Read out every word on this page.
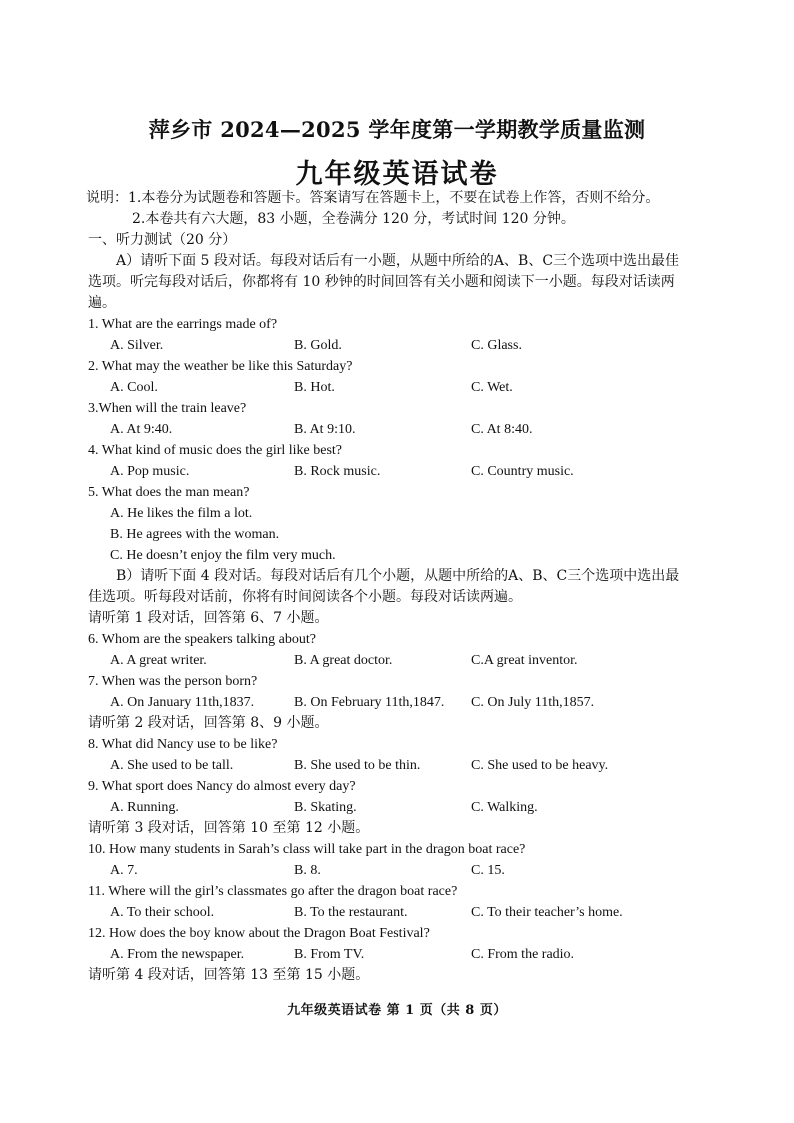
萍乡市 2024—2025 学年度第一学期教学质量监测
九年级英语试卷
说明：1.本卷分为试题卷和答题卡。答案请写在答题卡上，不要在试卷上作答，否则不给分。
2.本卷共有六大题，83 小题，全卷满分 120 分，考试时间 120 分钟。
一、听力测试（20 分）
A）请听下面 5 段对话。每段对话后有一小题，从题中所给的A、B、C三个选项中选出最佳
选项。听完每段对话后，你都将有 10 秒钟的时间回答有关小题和阅读下一小题。每段对话读两
遍。
1. What are the earrings made of?
A. Silver.	B. Gold.	C. Glass.
2. What may the weather be like this Saturday?
A. Cool.	B. Hot.	C. Wet.
3.When will the train leave?
A. At 9:40.	B. At 9:10.	C. At 8:40.
4. What kind of music does the girl like best?
A. Pop music.	B. Rock music.	C. Country music.
5. What does the man mean?
A. He likes the film a lot.
B. He agrees with the woman.
C. He doesn’t enjoy the film very much.
B）请听下面 4 段对话。每段对话后有几个小题，从题中所给的A、B、C三个选项中选出最
佳选项。听每段对话前，你将有时间阅读各个小题。每段对话读两遍。
请听第 1 段对话，回答第 6、7 小题。
6. Whom are the speakers talking about?
A. A great writer.	B. A great doctor.	C.A great inventor.
7. When was the person born?
A. On January 11th,1837.	B. On February 11th,1847. C. On July 11th,1857.
请听第 2 段对话，回答第 8、9 小题。
8. What did Nancy use to be like?
A. She used to be tall.	B. She used to be thin.	C. She used to be heavy.
9. What sport does Nancy do almost every day?
A. Running.	B. Skating.	C. Walking.
请听第 3 段对话，回答第 10 至第 12 小题。
10. How many students in Sarah’s class will take part in the dragon boat race?
A. 7.	B. 8.	C. 15.
11. Where will the girl’s classmates go after the dragon boat race?
A. To their school.	B. To the restaurant.	C. To their teacher’s home.
12. How does the boy know about the Dragon Boat Festival?
A. From the newspaper.	B. From TV.	C. From the radio.
请听第 4 段对话，回答第 13 至第 15 小题。
九年级英语试卷 第 1 页（共 8 页）
